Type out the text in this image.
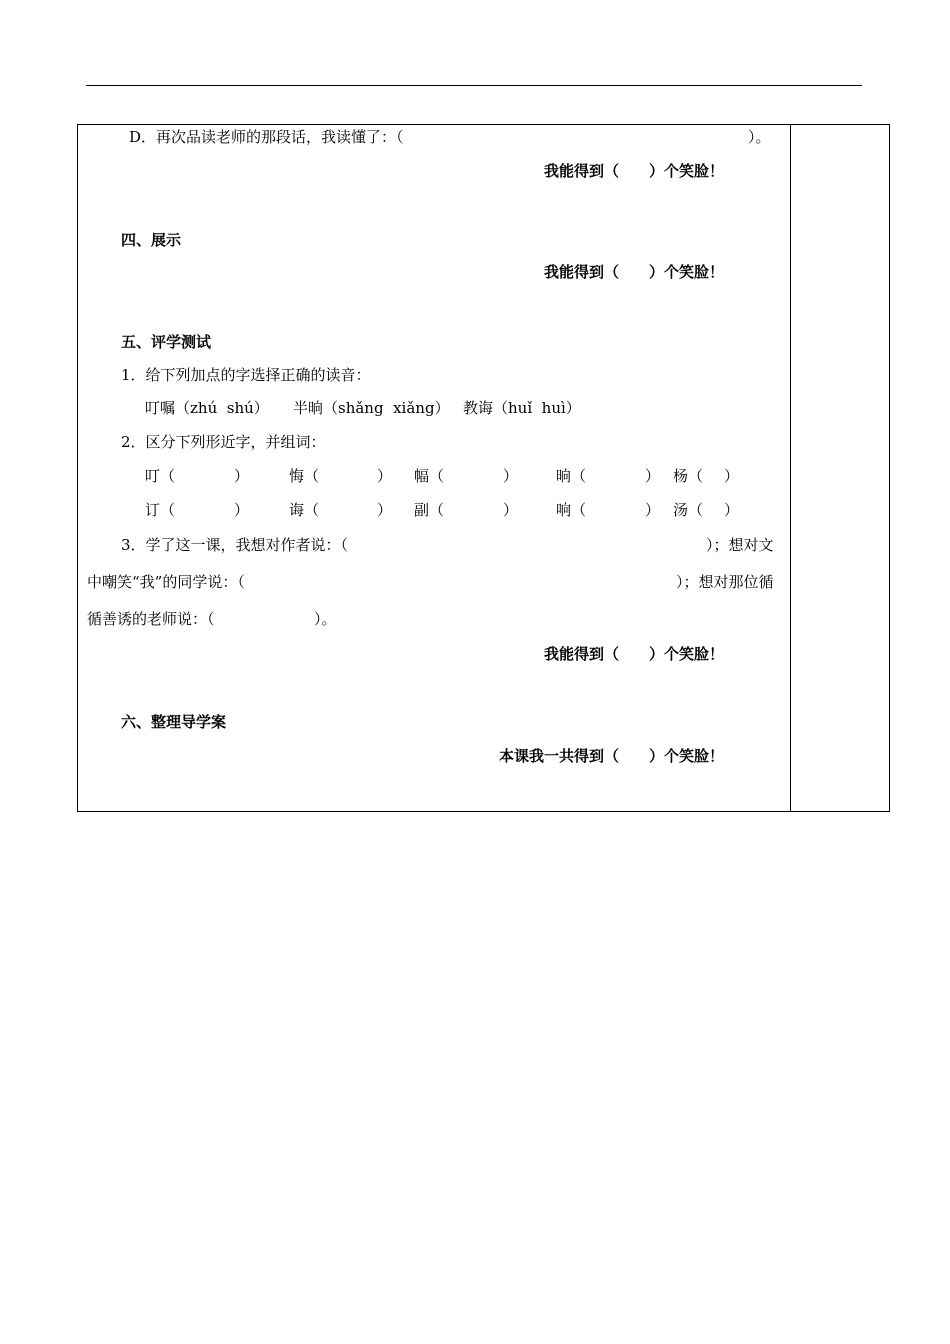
D．再次品读老师的那段话，我读懂了：（	）。
我能得到（　　）个笑脸！
四、展示
我能得到（　　）个笑脸！
五、评学测试
1．给下列加点的字选择正确的读音：
叮嘱（zhú  shú） 半晌（shǎng  xiǎng） 教诲（huǐ  huì）
2．区分下列形近字，并组词：
叮（	）	悔（	） 幅（	）	晌（	） 杨（ ）
订（	）	诲（	） 副（	）	响（	） 汤（ ）
3．学了这一课，我想对作者说：（	）；想对文
中嘲笑“我”的同学说：（	）；想对那位循
循善诱的老师说：（	）。
我能得到（　　）个笑脸！
六、整理导学案
本课我一共得到（　　）个笑脸！
